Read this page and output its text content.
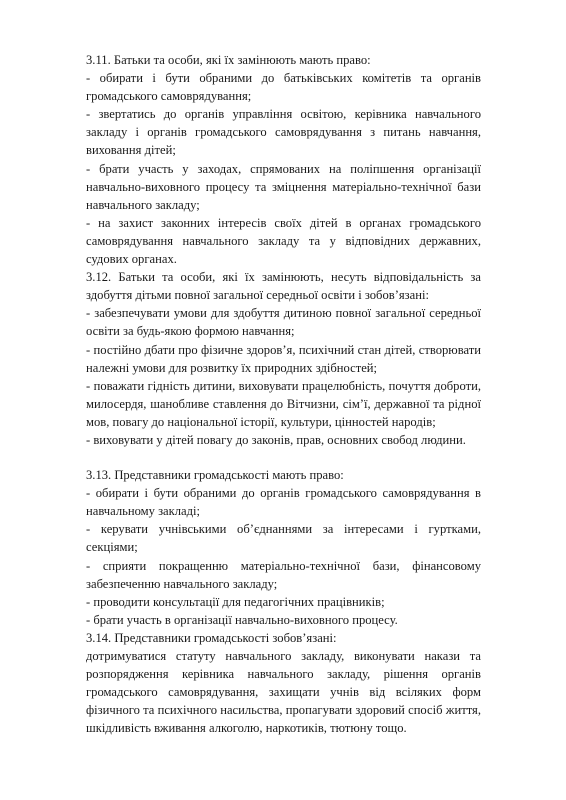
3.11. Батьки та особи, які їх замінюють мають право:

- обирати і бути обраними до батьківських комітетів та органів громадського самоврядування;

- звертатись до органів управління освітою, керівника навчального закладу і органів громадського самоврядування з питань навчання, виховання дітей;

- брати участь у заходах, спрямованих на поліпшення організації навчально-виховного процесу та зміцнення матеріально-технічної бази навчального закладу;

- на захист законних інтересів своїх дітей в органах громадського самоврядування навчального закладу та у відповідних державних, судових органах.

3.12. Батьки та особи, які їх замінюють, несуть відповідальність за здобуття дітьми повної загальної середньої освіти і зобов’язані:

- забезпечувати умови для здобуття дитиною повної загальної середньої освіти за будь-якою формою навчання;

- постійно дбати про фізичне здоров’я, психічний стан дітей, створювати належні умови для розвитку їх природних здібностей;

- поважати гідність дитини, виховувати працелюбність, почуття доброти, милосердя, шанобливе ставлення до Вітчизни, сім’ї, державної та рідної мов, повагу до національної історії, культури, цінностей народів;

- виховувати у дітей повагу до законів, прав, основних свобод людини.

3.13. Представники громадськості мають право:

- обирати і бути обраними до органів громадського самоврядування в навчальному закладі;

- керувати учнівськими об’єднаннями за інтересами і гуртками, секціями;

- сприяти покращенню матеріально-технічної бази, фінансовому забезпеченню навчального закладу;

- проводити консультації для педагогічних працівників;

- брати участь в організації навчально-виховного процесу.

3.14. Представники громадськості зобов’язані:

дотримуватися статуту навчального закладу, виконувати накази та розпорядження керівника навчального закладу, рішення органів громадського самоврядування, захищати учнів від всіляких форм фізичного та психічного насильства, пропагувати здоровий спосіб життя, шкідливість вживання алкоголю, наркотиків, тютюну тощо.
